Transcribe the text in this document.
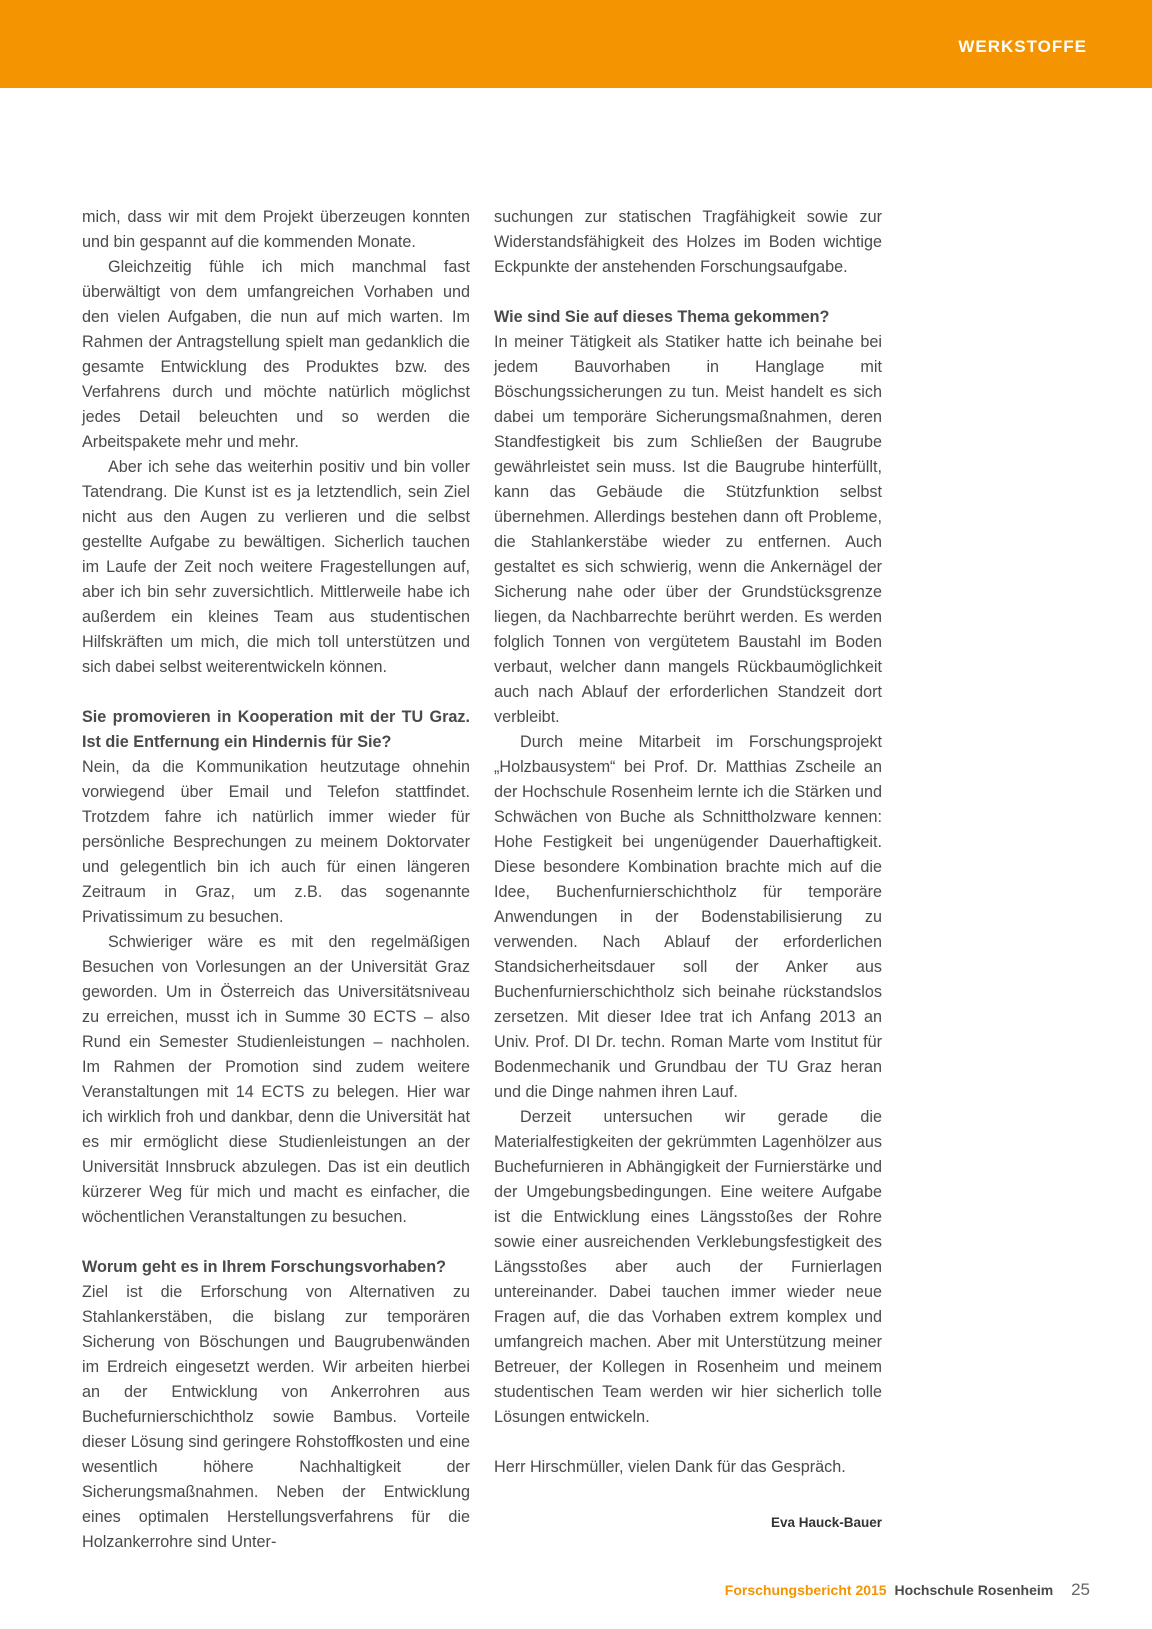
WERKSTOFFE

mich, dass wir mit dem Projekt überzeugen konnten und bin gespannt auf die kommenden Monate.

Gleichzeitig fühle ich mich manchmal fast überwältigt von dem umfangreichen Vorhaben und den vielen Aufgaben, die nun auf mich warten. Im Rahmen der Antragstellung spielt man gedanklich die gesamte Entwicklung des Produktes bzw. des Verfahrens durch und möchte natürlich möglichst jedes Detail beleuchten und so werden die Arbeitspakete mehr und mehr.

Aber ich sehe das weiterhin positiv und bin voller Tatendrang. Die Kunst ist es ja letztendlich, sein Ziel nicht aus den Augen zu verlieren und die selbst gestellte Aufgabe zu bewältigen. Sicherlich tauchen im Laufe der Zeit noch weitere Fragestellungen auf, aber ich bin sehr zuversichtlich. Mittlerweile habe ich außerdem ein kleines Team aus studentischen Hilfskräften um mich, die mich toll unterstützen und sich dabei selbst weiterentwickeln können.

Sie promovieren in Kooperation mit der TU Graz. Ist die Entfernung ein Hindernis für Sie?

Nein, da die Kommunikation heutzutage ohnehin vorwiegend über Email und Telefon stattfindet. Trotzdem fahre ich natürlich immer wieder für persönliche Besprechungen zu meinem Doktorvater und gelegentlich bin ich auch für einen längeren Zeitraum in Graz, um z.B. das sogenannte Privatissimum zu besuchen.

Schwieriger wäre es mit den regelmäßigen Besuchen von Vorlesungen an der Universität Graz geworden. Um in Österreich das Universitätsniveau zu erreichen, musst ich in Summe 30 ECTS – also Rund ein Semester Studienleistungen – nachholen. Im Rahmen der Promotion sind zudem weitere Veranstaltungen mit 14 ECTS zu belegen. Hier war ich wirklich froh und dankbar, denn die Universität hat es mir ermöglicht diese Studienleistungen an der Universität Innsbruck abzulegen. Das ist ein deutlich kürzerer Weg für mich und macht es einfacher, die wöchentlichen Veranstaltungen zu besuchen.

Worum geht es in Ihrem Forschungsvorhaben?

Ziel ist die Erforschung von Alternativen zu Stahlankerstäben, die bislang zur temporären Sicherung von Böschungen und Baugrubenwänden im Erdreich eingesetzt werden. Wir arbeiten hierbei an der Entwicklung von Ankerrohren aus Buchefurnierschichtholz sowie Bambus. Vorteile dieser Lösung sind geringere Rohstoffkosten und eine wesentlich höhere Nachhaltigkeit der Sicherungsmaßnahmen. Neben der Entwicklung eines optimalen Herstellungsverfahrens für die Holzankerrohre sind Unter-

suchungen zur statischen Tragfähigkeit sowie zur Widerstandsfähigkeit des Holzes im Boden wichtige Eckpunkte der anstehenden Forschungsaufgabe.

Wie sind Sie auf dieses Thema gekommen?

In meiner Tätigkeit als Statiker hatte ich beinahe bei jedem Bauvorhaben in Hanglage mit Böschungssicherungen zu tun. Meist handelt es sich dabei um temporäre Sicherungsmaßnahmen, deren Standfestigkeit bis zum Schließen der Baugrube gewährleistet sein muss. Ist die Baugrube hinterfüllt, kann das Gebäude die Stützfunktion selbst übernehmen. Allerdings bestehen dann oft Probleme, die Stahlankerstäbe wieder zu entfernen. Auch gestaltet es sich schwierig, wenn die Ankernägel der Sicherung nahe oder über der Grundstücksgrenze liegen, da Nachbarrechte berührt werden. Es werden folglich Tonnen von vergütetem Baustahl im Boden verbaut, welcher dann mangels Rückbaumöglichkeit auch nach Ablauf der erforderlichen Standzeit dort verbleibt.

Durch meine Mitarbeit im Forschungsprojekt „Holzbausystem“ bei Prof. Dr. Matthias Zscheile an der Hochschule Rosenheim lernte ich die Stärken und Schwächen von Buche als Schnittholzware kennen: Hohe Festigkeit bei ungenügender Dauerhaftigkeit. Diese besondere Kombination brachte mich auf die Idee, Buchenfurnierschichtholz für temporäre Anwendungen in der Bodenstabilisierung zu verwenden. Nach Ablauf der erforderlichen Standsicherheitsdauer soll der Anker aus Buchenfurnierschichtholz sich beinahe rückstandslos zersetzen. Mit dieser Idee trat ich Anfang 2013 an Univ. Prof. DI Dr. techn. Roman Marte vom Institut für Bodenmechanik und Grundbau der TU Graz heran und die Dinge nahmen ihren Lauf.

Derzeit untersuchen wir gerade die Materialfestigkeiten der gekrümmten Lagenhölzer aus Buchefurnieren in Abhängigkeit der Furnierstärke und der Umgebungsbedingungen. Eine weitere Aufgabe ist die Entwicklung eines Längsstoßes der Rohre sowie einer ausreichenden Verklebungsfestigkeit des Längsstoßes aber auch der Furnierlagen untereinander. Dabei tauchen immer wieder neue Fragen auf, die das Vorhaben extrem komplex und umfangreich machen. Aber mit Unterstützung meiner Betreuer, der Kollegen in Rosenheim und meinem studentischen Team werden wir hier sicherlich tolle Lösungen entwickeln.

Herr Hirschmüller, vielen Dank für das Gespräch.

Eva Hauck-Bauer
Forschungsbericht 2015 Hochschule Rosenheim 25
